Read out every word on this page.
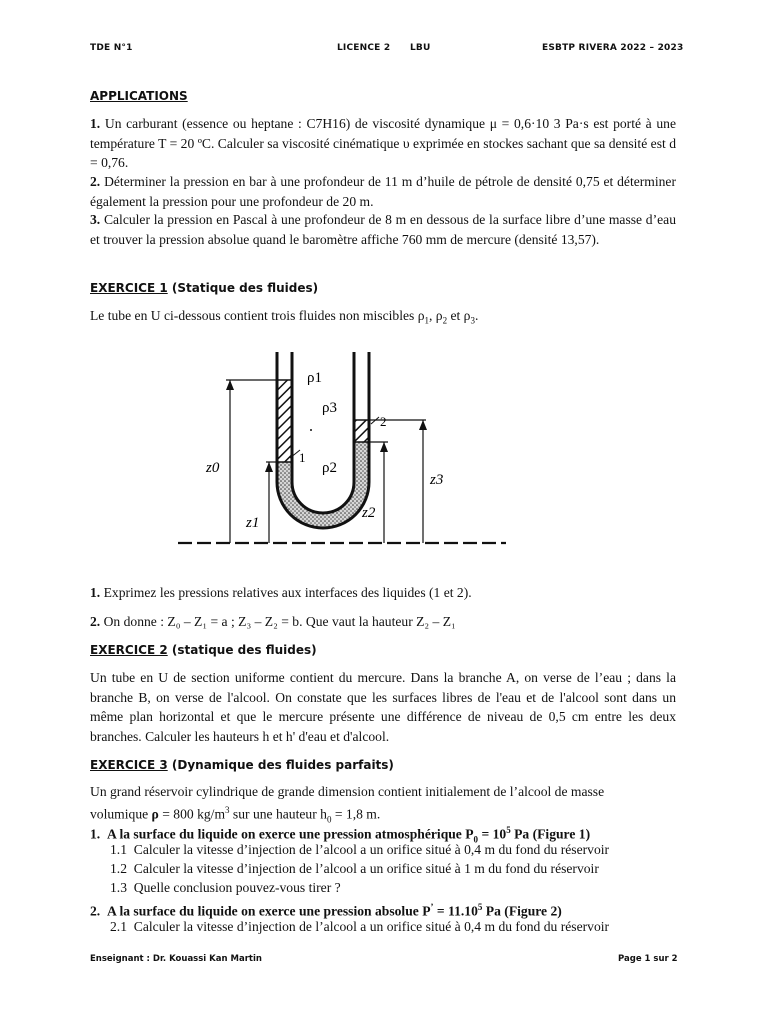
TDE N°1	LICENCE 2 LBU	ESBTP RIVERA 2022 – 2023
APPLICATIONS
1. Un carburant (essence ou heptane : C7H16) de viscosité dynamique μ = 0,6·10 3 Pa·s est porté à une température T = 20 ºC. Calculer sa viscosité cinématique υ exprimée en stockes sachant que sa densité est d = 0,76.
2. Déterminer la pression en bar à une profondeur de 11 m d’huile de pétrole de densité 0,75 et déterminer également la pression pour une profondeur de 20 m.
3. Calculer la pression en Pascal à une profondeur de 8 m en dessous de la surface libre d’une masse d’eau et trouver la pression absolue quand le baromètre affiche 760 mm de mercure (densité 13,57).
EXERCICE 1 (Statique des fluides)
Le tube en U ci-dessous contient trois fluides non miscibles $\rho_1$, $\rho_2$ et $\rho_3$.
ρ1
ρ3
ρ2
1
2
z0
z1
z2
z3
1. Exprimez les pressions relatives aux interfaces des liquides (1 et 2).
2. On donne : Z₀ – Z₁ = a ; Z₃ – Z₂ = b. Que vaut la hauteur Z₂ – Z₁
EXERCICE 2 (statique des fluides)
Un tube en U de section uniforme contient du mercure. Dans la branche A, on verse de l’eau ; dans la branche B, on verse de l'alcool. On constate que les surfaces libres de l'eau et de l'alcool sont dans un même plan horizontal et que le mercure présente une différence de niveau de 0,5 cm entre les deux branches. Calculer les hauteurs h et h' d'eau et d'alcool.
EXERCICE 3 (Dynamique des fluides parfaits)
Un grand réservoir cylindrique de grande dimension contient initialement de l’alcool de masse
volumique ρ = 800 $kg/m^3$ sur une hauteur $h_0 = 1,8$ m.
1. A la surface du liquide on exerce une pression atmosphérique $P_0 = 10^5$ Pa (Figure 1)
1.1 Calculer la vitesse d’injection de l’alcool a un orifice situé à 0,4 m du fond du réservoir
1.2 Calculer la vitesse d’injection de l’alcool a un orifice situé à 1 m du fond du réservoir
1.3 Quelle conclusion pouvez-vous tirer ?
2. A la surface du liquide on exerce une pression absolue $P^’ = 11.10^5$ Pa (Figure 2)
2.1 Calculer la vitesse d’injection de l’alcool a un orifice situé à 0,4 m du fond du réservoir
Enseignant : Dr. Kouassi Kan Martin	Page 1 sur 2
